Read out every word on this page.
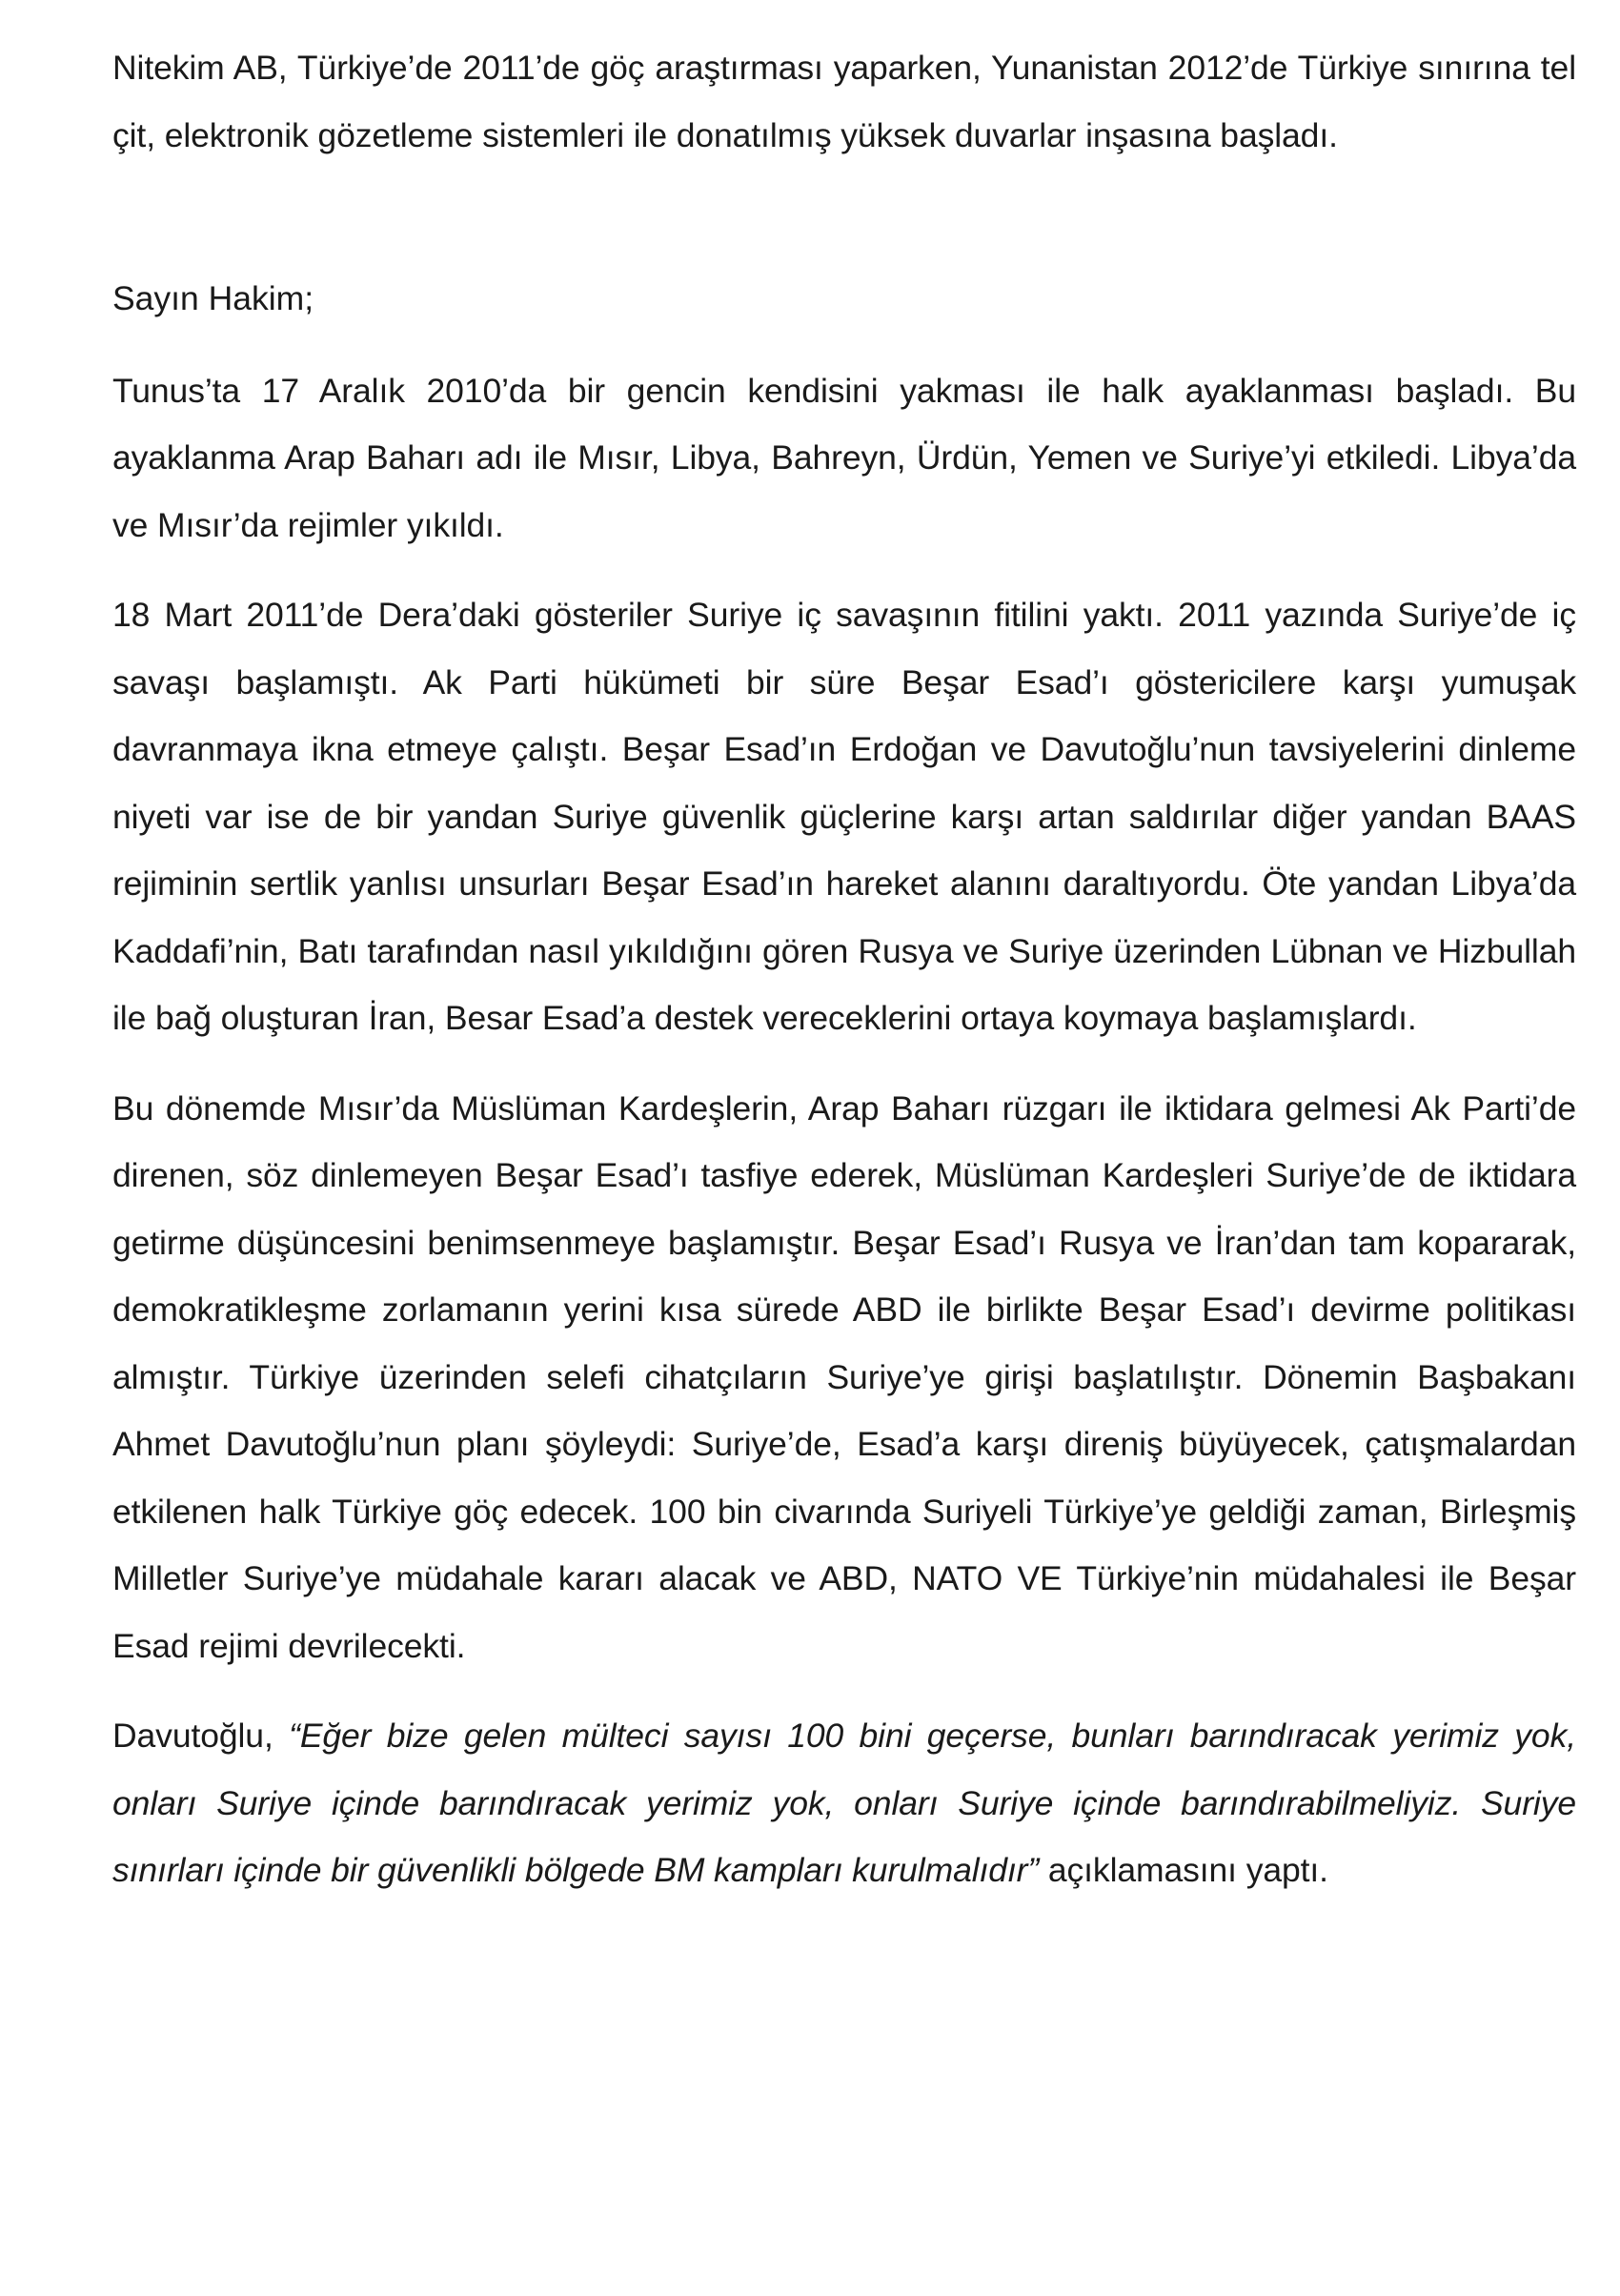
Nitekim AB, Türkiye’de 2011’de göç araştırması yaparken, Yunanistan 2012’de Türkiye sınırına tel çit, elektronik gözetleme sistemleri ile donatılmış yüksek duvarlar inşasına başladı.

Sayın Hakim;

Tunus’ta 17 Aralık 2010’da bir gencin kendisini yakması ile halk ayaklanması başladı. Bu ayaklanma Arap Baharı adı ile Mısır, Libya, Bahreyn, Ürdün, Yemen ve Suriye’yi etkiledi. Libya’da ve Mısır’da rejimler yıkıldı.

18 Mart 2011’de Dera’daki gösteriler Suriye iç savaşının fitilini yaktı. 2011 yazında Suriye’de iç savaşı başlamıştı. Ak Parti hükümeti bir süre Beşar Esad’ı göstericilere karşı yumuşak davranmaya ikna etmeye çalıştı. Beşar Esad’ın Erdoğan ve Davutoğlu’nun tavsiyelerini dinleme niyeti var ise de bir yandan Suriye güvenlik güçlerine karşı artan saldırılar diğer yandan BAAS rejiminin sertlik yanlısı unsurları Beşar Esad’ın hareket alanını daraltıyordu. Öte yandan Libya’da Kaddafi’nin, Batı tarafından nasıl yıkıldığını gören Rusya ve Suriye üzerinden Lübnan ve Hizbullah ile bağ oluşturan İran, Besar Esad’a destek vereceklerini ortaya koymaya başlamışlardı.

Bu dönemde Mısır’da Müslüman Kardeşlerin, Arap Baharı rüzgarı ile iktidara gelmesi Ak Parti’de direnen, söz dinlemeyen Beşar Esad’ı tasfiye ederek, Müslüman Kardeşleri Suriye’de de iktidara getirme düşüncesini benimsenmeye başlamıştır. Beşar Esad’ı Rusya ve İran’dan tam kopararak, demokratikleşme zorlamanın yerini kısa sürede ABD ile birlikte Beşar Esad’ı devirme politikası almıştır. Türkiye üzerinden selefi cihatçıların Suriye’ye girişi başlatılıştır. Dönemin Başbakanı Ahmet Davutoğlu’nun planı şöyleydi: Suriye’de, Esad’a karşı direniş büyüyecek, çatışmalardan etkilenen halk Türkiye göç edecek. 100 bin civarında Suriyeli Türkiye’ye geldiği zaman, Birleşmiş Milletler Suriye’ye müdahale kararı alacak ve ABD, NATO VE Türkiye’nin müdahalesi ile Beşar Esad rejimi devrilecekti.

Davutoğlu, “Eğer bize gelen mülteci sayısı 100 bini geçerse, bunları barındıracak yerimiz yok, onları Suriye içinde barındıracak yerimiz yok, onları Suriye içinde barındırabilmeliyiz. Suriye sınırları içinde bir güvenlikli bölgede BM kampları kurulmalıdır” açıklamasını yaptı.
